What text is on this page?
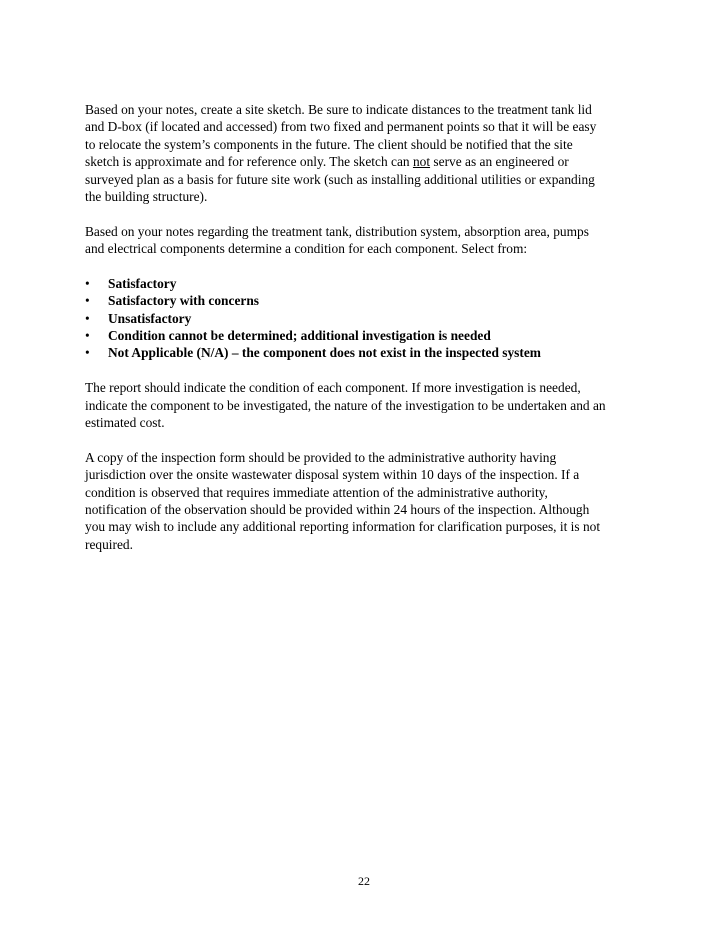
Based on your notes, create a site sketch. Be sure to indicate distances to the treatment tank lid
and D-box (if located and accessed) from two fixed and permanent points so that it will be easy
to relocate the system’s components in the future. The client should be notified that the site
sketch is approximate and for reference only. The sketch can not serve as an engineered or
surveyed plan as a basis for future site work (such as installing additional utilities or expanding
the building structure).
Based on your notes regarding the treatment tank, distribution system, absorption area, pumps
and electrical components determine a condition for each component. Select from:
• Satisfactory
• Satisfactory with concerns
• Unsatisfactory
• Condition cannot be determined; additional investigation is needed
• Not Applicable (N/A) – the component does not exist in the inspected system
The report should indicate the condition of each component. If more investigation is needed,
indicate the component to be investigated, the nature of the investigation to be undertaken and an
estimated cost.
A copy of the inspection form should be provided to the administrative authority having
jurisdiction over the onsite wastewater disposal system within 10 days of the inspection. If a
condition is observed that requires immediate attention of the administrative authority,
notification of the observation should be provided within 24 hours of the inspection. Although
you may wish to include any additional reporting information for clarification purposes, it is not
required.
22
